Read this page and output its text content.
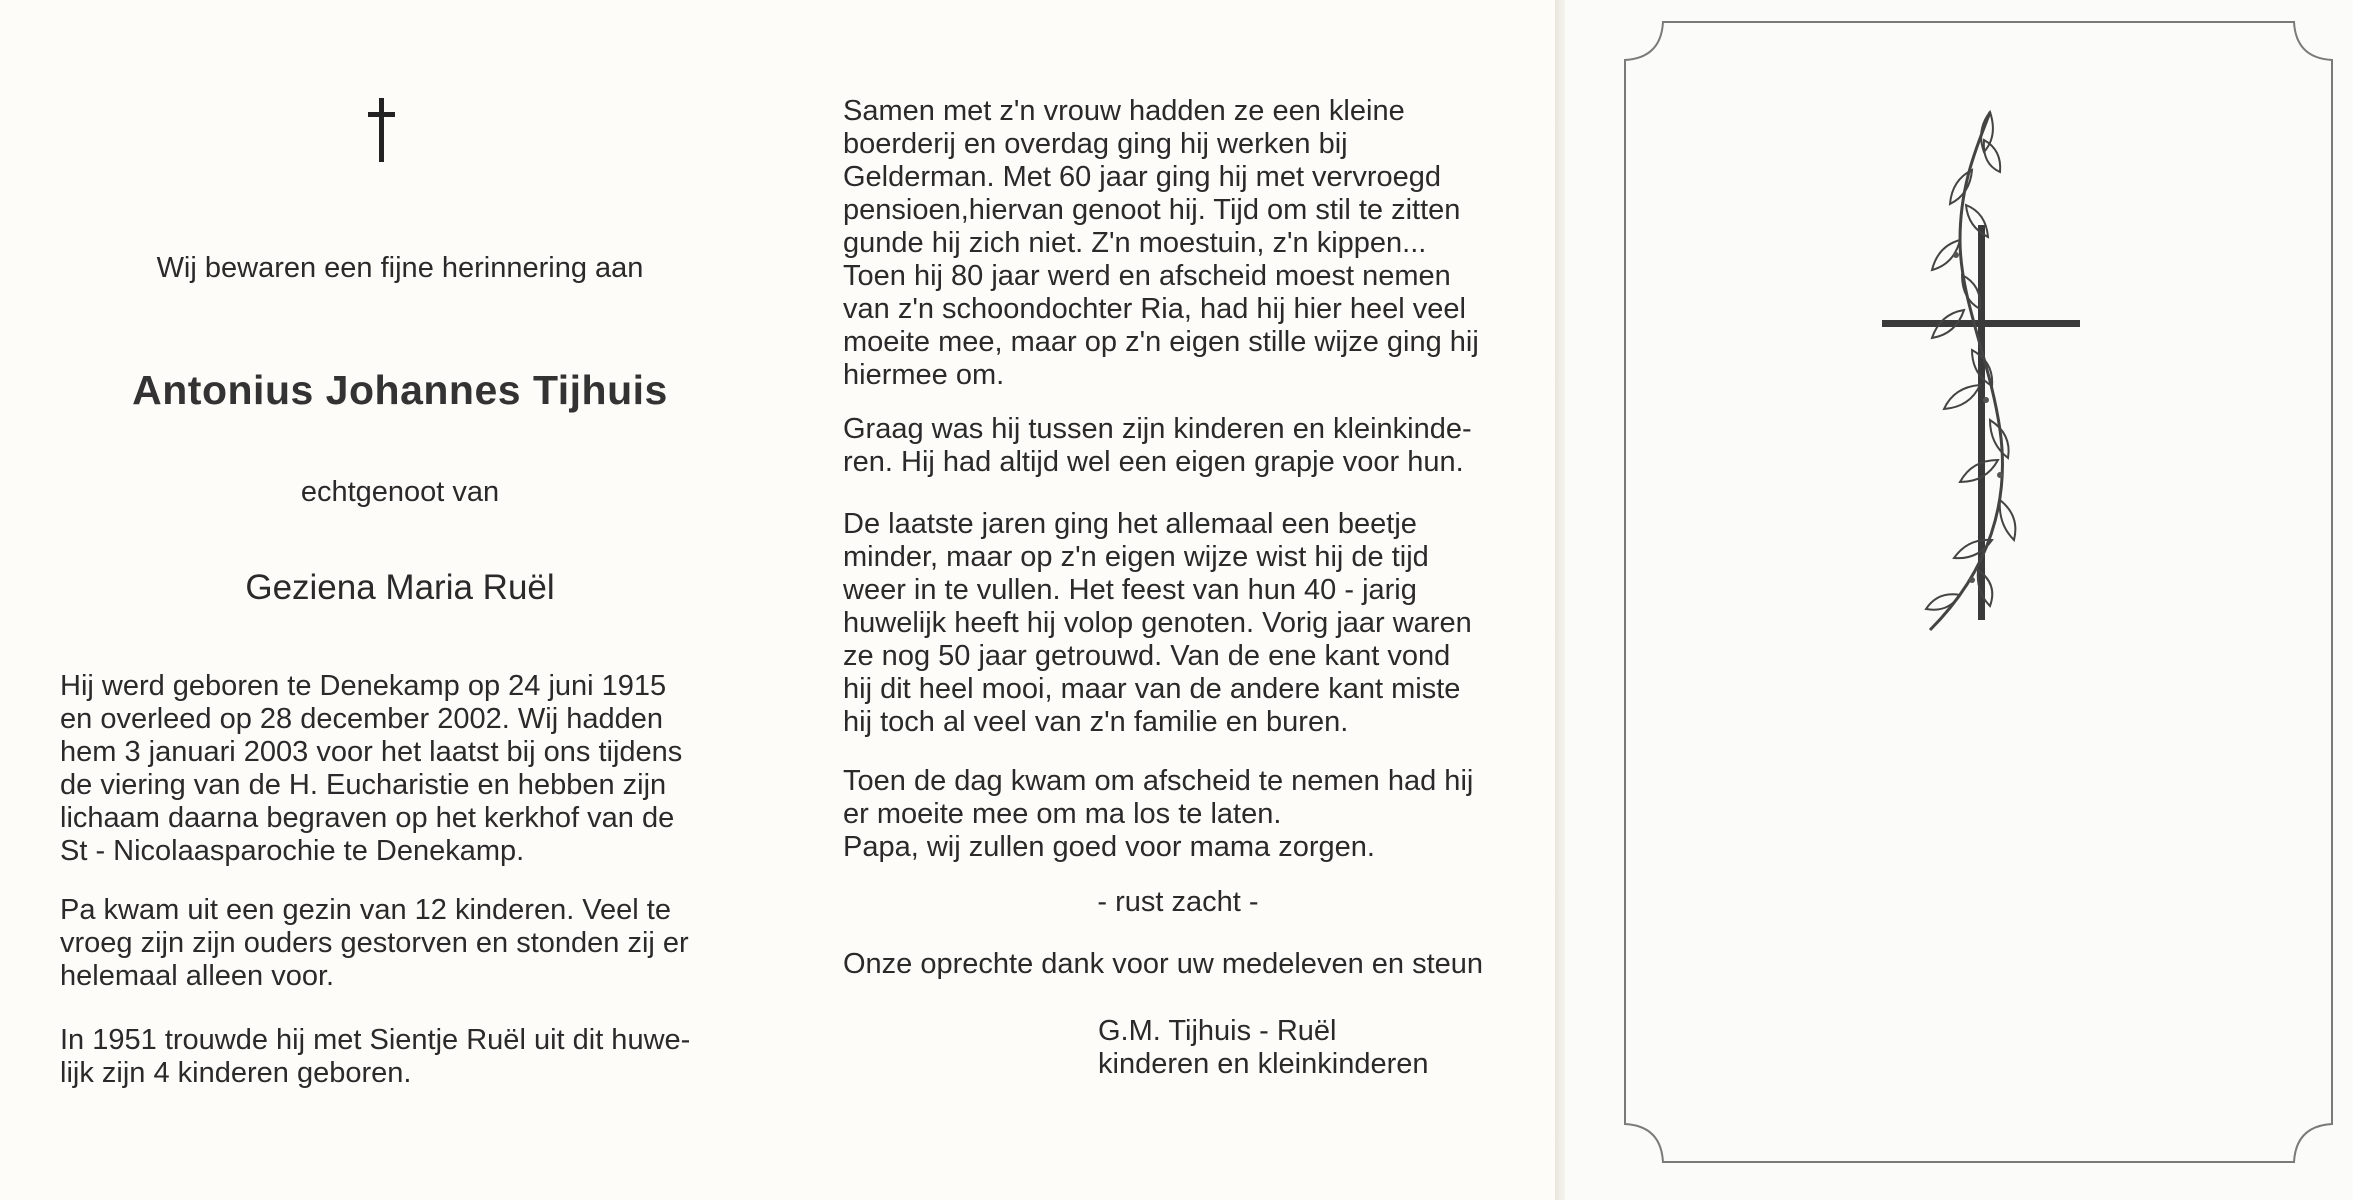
Wij bewaren een fijne herinnering aan
Antonius Johannes Tijhuis
echtgenoot van
Geziena Maria Ruël
Hij werd geboren te Denekamp op 24 juni 1915
en overleed op 28 december 2002. Wij hadden
hem 3 januari 2003 voor het laatst bij ons tijdens
de viering van de H. Eucharistie en hebben zijn
lichaam daarna begraven op het kerkhof van de
St - Nicolaasparochie te Denekamp.
Pa kwam uit een gezin van 12 kinderen. Veel te
vroeg zijn zijn ouders gestorven en stonden zij er
helemaal alleen voor.
In 1951 trouwde hij met Sientje Ruël uit dit huwe-
lijk zijn 4 kinderen geboren.
Samen met z'n vrouw hadden ze een kleine
boerderij en overdag ging hij werken bij
Gelderman. Met 60 jaar ging hij met vervroegd
pensioen,hiervan genoot hij. Tijd om stil te zitten
gunde hij zich niet. Z'n moestuin, z'n kippen...
Toen hij 80 jaar werd en afscheid moest nemen
van z'n schoondochter Ria, had hij hier heel veel
moeite mee, maar op z'n eigen stille wijze ging hij
hiermee om.
Graag was hij tussen zijn kinderen en kleinkinde-
ren. Hij had altijd wel een eigen grapje voor hun.
De laatste jaren ging het allemaal een beetje
minder, maar op z'n eigen wijze wist hij de tijd
weer in te vullen. Het feest van hun 40 - jarig
huwelijk heeft hij volop genoten. Vorig jaar waren
ze nog 50 jaar getrouwd. Van de ene kant vond
hij dit heel mooi, maar van de andere kant miste
hij toch al veel van z'n familie en buren.
Toen de dag kwam om afscheid te nemen had hij
er moeite mee om ma los te laten.
Papa, wij zullen goed voor mama zorgen.
- rust zacht -
Onze oprechte dank voor uw medeleven en steun
G.M. Tijhuis - Ruël
kinderen en kleinkinderen
